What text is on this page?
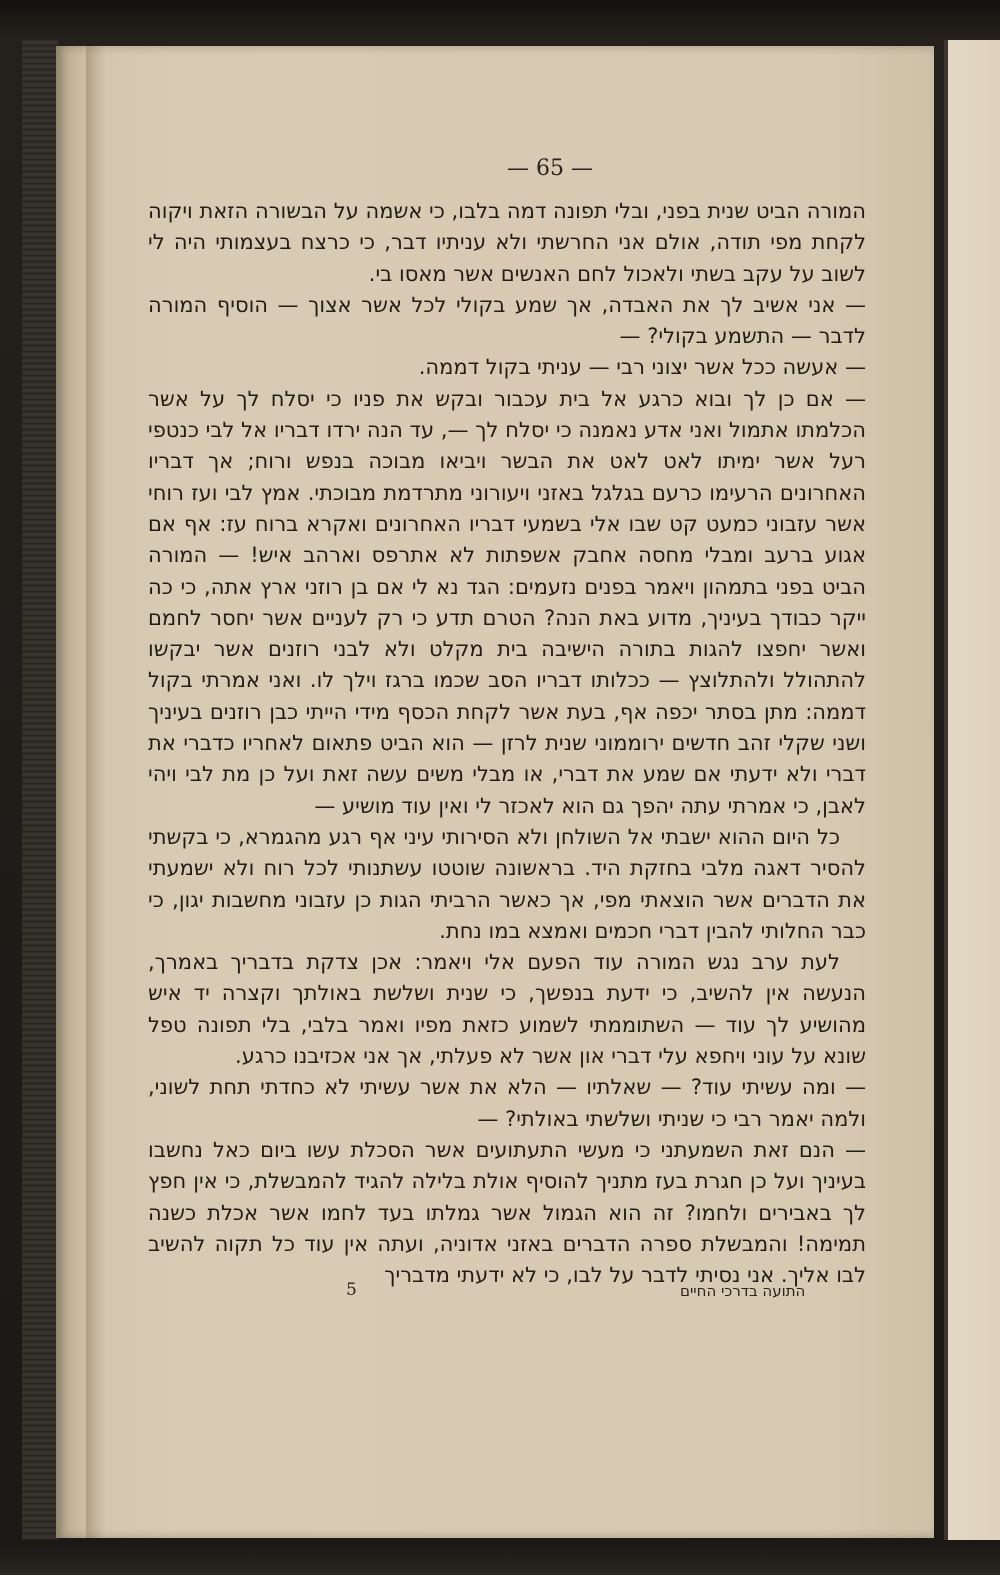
— 65 —

המורה הביט שנית בפני, ובלי תפונה דמה בלבו, כי אשמה על הבשורה הזאת ויקוה לקחת מפי תודה, אולם אני החרשתי ולא עניתיו דבר, כי כרצח בעצמותי היה לי לשוב על עקב בשתי ולאכול לחם האנשים אשר מאסו בי.

— אני אשיב לך את האבדה, אך שמע בקולי לכל אשר אצוך — הוסיף המורה לדבר — התשמע בקולי? —

— אעשה ככל אשר יצוני רבי — עניתי בקול דממה.

— אם כן לך ובוא כרגע אל בית עכבור ובקש את פניו כי יסלח לך על אשר הכלמתו אתמול ואני אדע נאמנה כי יסלח לך —, עד הנה ירדו דבריו אל לבי כנטפי רעל אשר ימיתו לאט לאט את הבשר ויביאו מבוכה בנפש ורוח; אך דבריו האחרונים הרעימו כרעם בגלגל באזני ויעורוני מתרדמת מבוכתי. אמץ לבי ועז רוחי אשר עזבוני כמעט קט שבו אלי בשמעי דבריו האחרונים ואקרא ברוח עז: אף אם אגוע ברעב ומבלי מחסה אחבק אשפתות לא אתרפס וארהב איש! — המורה הביט בפני בתמהון ויאמר בפנים נזעמים: הגד נא לי אם בן רוזני ארץ אתה, כי כה ייקר כבודך בעיניך, מדוע באת הנה? הטרם תדע כי רק לעניים אשר יחסר לחמם ואשר יחפצו להגות בתורה הישיבה בית מקלט ולא לבני רוזנים אשר יבקשו להתהולל ולהתלוצץ — ככלותו דבריו הסב שכמו ברגז וילך לו. ואני אמרתי בקול דממה: מתן בסתר יכפה אף, בעת אשר לקחת הכסף מידי הייתי כבן רוזנים בעיניך ושני שקלי זהב חדשים ירוממוני שנית לרזן — הוא הביט פתאום לאחריו כדברי את דברי ולא ידעתי אם שמע את דברי, או מבלי משים עשה זאת ועל כן מת לבי ויהי לאבן, כי אמרתי עתה יהפך גם הוא לאכזר לי ואין עוד מושיע —

כל היום ההוא ישבתי אל השולחן ולא הסירותי עיני אף רגע מהגמרא, כי בקשתי להסיר דאגה מלבי בחזקת היד. בראשונה שוטטו עשתנותי לכל רוח ולא ישמעתי את הדברים אשר הוצאתי מפי, אך כאשר הרביתי הגות כן עזבוני מחשבות יגון, כי כבר החלותי להבין דברי חכמים ואמצא במו נחת.

לעת ערב נגש המורה עוד הפעם אלי ויאמר: אכן צדקת בדבריך באמרך, הנעשה אין להשיב, כי ידעת בנפשך, כי שנית ושלשת באולתך וקצרה יד איש מהושיע לך עוד — השתוממתי לשמוע כזאת מפיו ואמר בלבי, בלי תפונה טפל שונא על עוני ויחפא עלי דברי און אשר לא פעלתי, אך אני אכזיבנו כרגע.

— ומה עשיתי עוד? — שאלתיו — הלא את אשר עשיתי לא כחדתי תחת לשוני, ולמה יאמר רבי כי שניתי ושלשתי באולתי? —

— הנם זאת השמעתני כי מעשי התעתועים אשר הסכלת עשו ביום כאל נחשבו בעיניך ועל כן חגרת בעז מתניך להוסיף אולת בלילה להגיד להמבשלת, כי אין חפץ לך באבירים ולחמו? זה הוא הגמול אשר גמלתו בעד לחמו אשר אכלת כשנה תמימה! והמבשלת ספרה הדברים באזני אדוניה, ועתה אין עוד כל תקוה להשיב לבו אליך. אני נסיתי לדבר על לבו, כי לא ידעתי מדבריך

5	התועה בדרכי החיים
